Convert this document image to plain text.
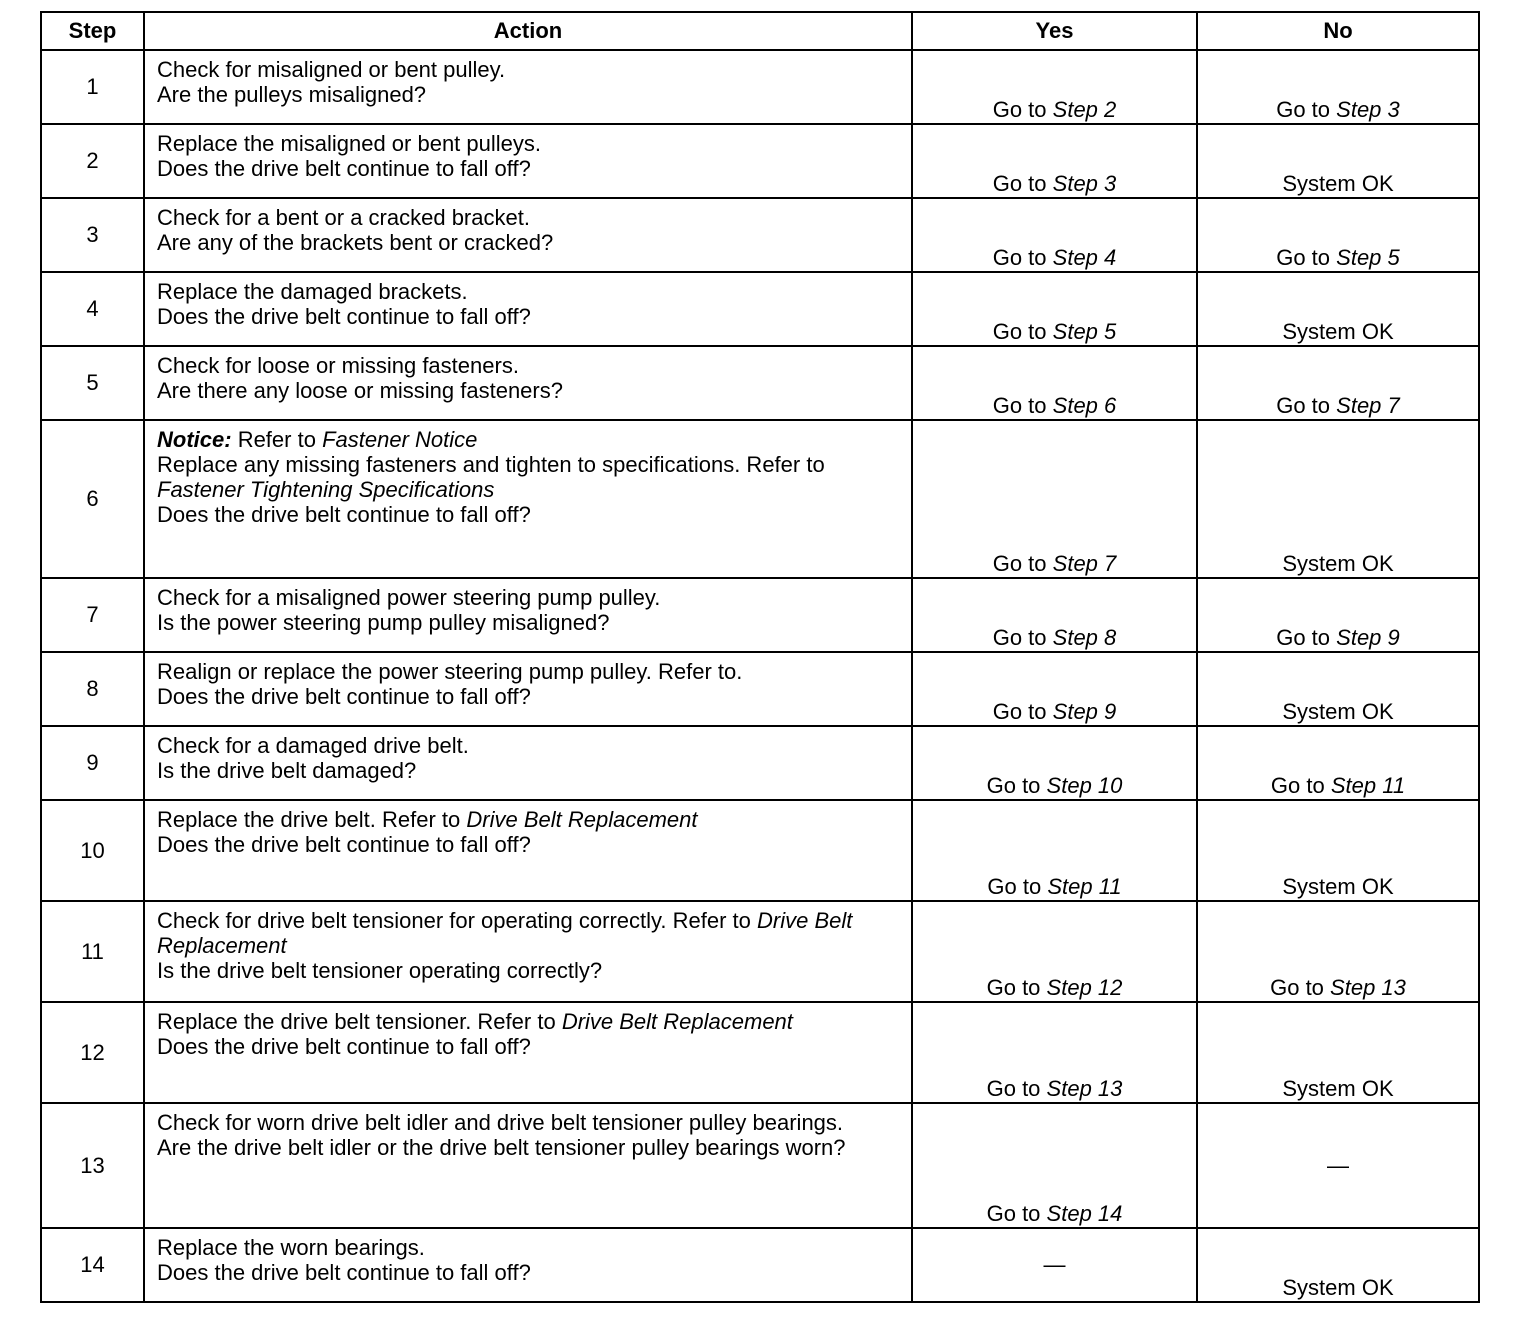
Step	Action	Yes	No
1	Check for misaligned or bent pulley.
Are the pulleys misaligned?	Go to Step 2	Go to Step 3
2	Replace the misaligned or bent pulleys.
Does the drive belt continue to fall off?	Go to Step 3	System OK
3	Check for a bent or a cracked bracket.
Are any of the brackets bent or cracked?	Go to Step 4	Go to Step 5
4	Replace the damaged brackets.
Does the drive belt continue to fall off?	Go to Step 5	System OK
5	Check for loose or missing fasteners.
Are there any loose or missing fasteners?	Go to Step 6	Go to Step 7
6	Notice: Refer to Fastener Notice
Replace any missing fasteners and tighten to specifications. Refer to Fastener Tightening Specifications
Does the drive belt continue to fall off?	Go to Step 7	System OK
7	Check for a misaligned power steering pump pulley.
Is the power steering pump pulley misaligned?	Go to Step 8	Go to Step 9
8	Realign or replace the power steering pump pulley. Refer to.
Does the drive belt continue to fall off?	Go to Step 9	System OK
9	Check for a damaged drive belt.
Is the drive belt damaged?	Go to Step 10	Go to Step 11
10	Replace the drive belt. Refer to Drive Belt Replacement
Does the drive belt continue to fall off?	Go to Step 11	System OK
11	Check for drive belt tensioner for operating correctly. Refer to Drive Belt Replacement
Is the drive belt tensioner operating correctly?	Go to Step 12	Go to Step 13
12	Replace the drive belt tensioner. Refer to Drive Belt Replacement
Does the drive belt continue to fall off?	Go to Step 13	System OK
13	Check for worn drive belt idler and drive belt tensioner pulley bearings.
Are the drive belt idler or the drive belt tensioner pulley bearings worn?	Go to Step 14	—
14	Replace the worn bearings.
Does the drive belt continue to fall off?	—	System OK
